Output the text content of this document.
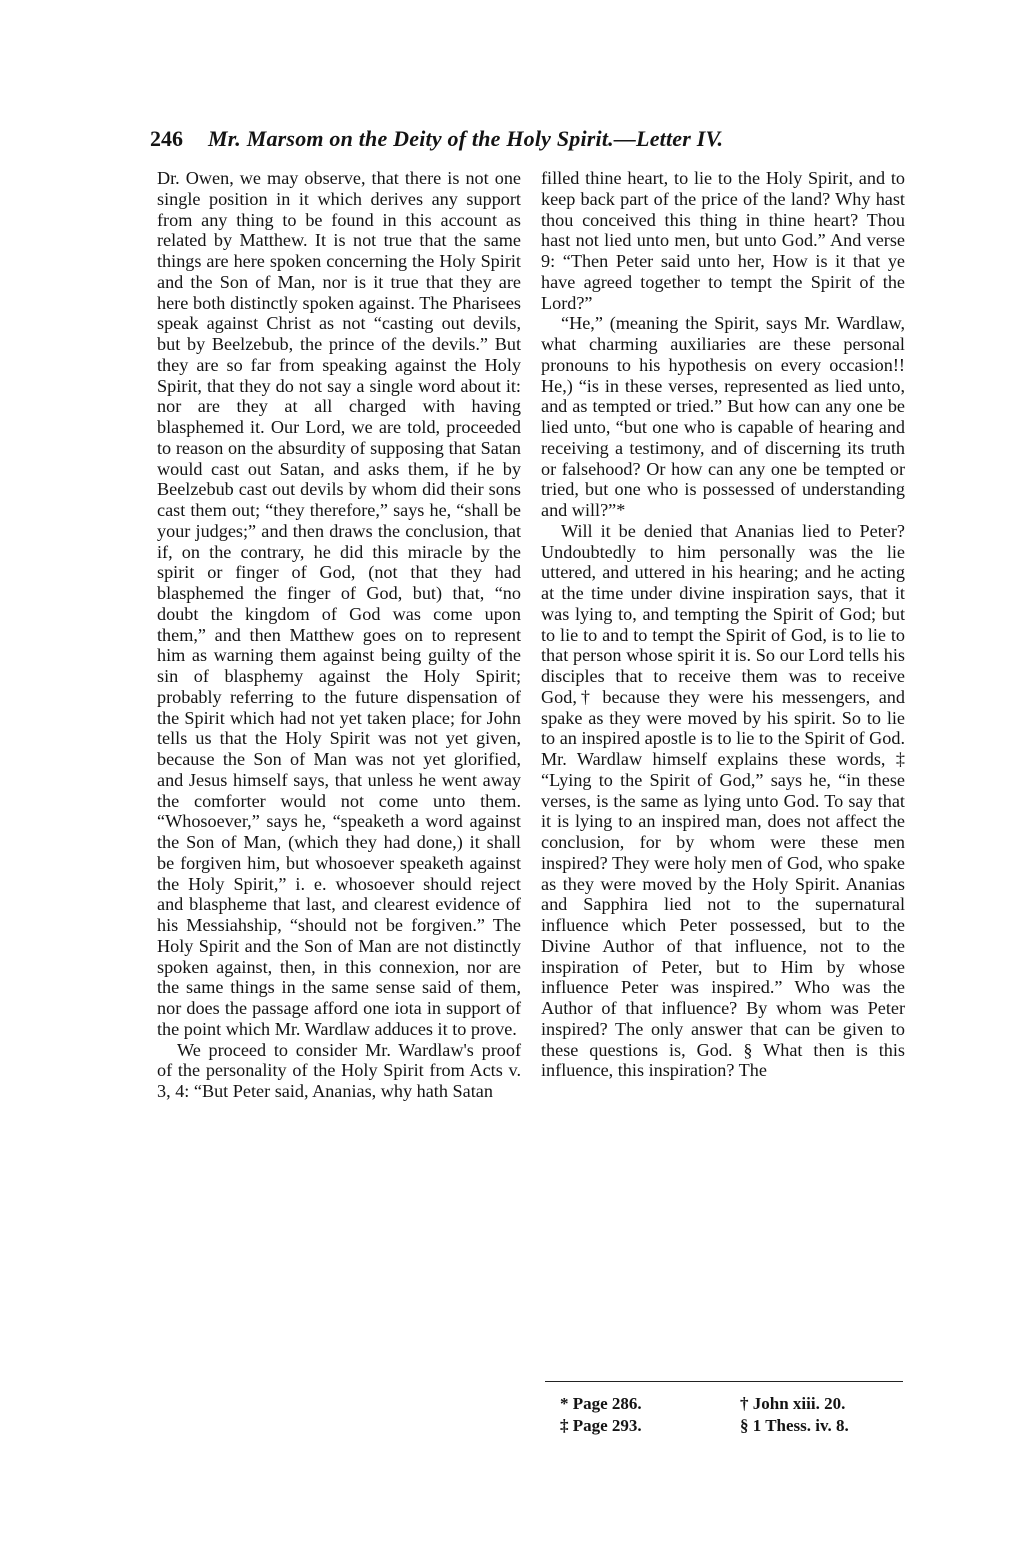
246 Mr. Marsom on the Deity of the Holy Spirit.—Letter IV.

Dr. Owen, we may observe, that there is not one single position in it which derives any support from any thing to be found in this account as related by Matthew. It is not true that the same things are here spoken concerning the Holy Spirit and the Son of Man, nor is it true that they are here both distinctly spoken against. The Pharisees speak against Christ as not “casting out devils, but by Beelzebub, the prince of the devils.” But they are so far from speaking against the Holy Spirit, that they do not say a single word about it: nor are they at all charged with having blasphemed it. Our Lord, we are told, proceeded to reason on the absurdity of supposing that Satan would cast out Satan, and asks them, if he by Beelzebub cast out devils by whom did their sons cast them out; “they therefore,” says he, “shall be your judges;” and then draws the conclusion, that if, on the contrary, he did this miracle by the spirit or finger of God, (not that they had blasphemed the finger of God, but) that, “no doubt the kingdom of God was come upon them,” and then Matthew goes on to represent him as warning them against being guilty of the sin of blasphemy against the Holy Spirit; probably referring to the future dispensation of the Spirit which had not yet taken place; for John tells us that the Holy Spirit was not yet given, because the Son of Man was not yet glorified, and Jesus himself says, that unless he went away the comforter would not come unto them. “Whosoever,” says he, “speaketh a word against the Son of Man, (which they had done,) it shall be forgiven him, but whosoever speaketh against the Holy Spirit,” i. e. whosoever should reject and blaspheme that last, and clearest evidence of his Messiahship, “should not be forgiven.” The Holy Spirit and the Son of Man are not distinctly spoken against, then, in this connexion, nor are the same things in the same sense said of them, nor does the passage afford one iota in support of the point which Mr. Wardlaw adduces it to prove.

We proceed to consider Mr. Wardlaw's proof of the personality of the Holy Spirit from Acts v. 3, 4: “But Peter said, Ananias, why hath Satan

filled thine heart, to lie to the Holy Spirit, and to keep back part of the price of the land? Why hast thou conceived this thing in thine heart? Thou hast not lied unto men, but unto God.” And verse 9: “Then Peter said unto her, How is it that ye have agreed together to tempt the Spirit of the Lord?”

“He,” (meaning the Spirit, says Mr. Wardlaw, what charming auxiliaries are these personal pronouns to his hypothesis on every occasion!! He,) “is in these verses, represented as lied unto, and as tempted or tried.” But how can any one be lied unto, “but one who is capable of hearing and receiving a testimony, and of discerning its truth or falsehood? Or how can any one be tempted or tried, but one who is possessed of understanding and will?”*

Will it be denied that Ananias lied to Peter? Undoubtedly to him personally was the lie uttered, and uttered in his hearing; and he acting at the time under divine inspiration says, that it was lying to, and tempting the Spirit of God; but to lie to and to tempt the Spirit of God, is to lie to that person whose spirit it is. So our Lord tells his disciples that to receive them was to receive God,† because they were his messengers, and spake as they were moved by his spirit. So to lie to an inspired apostle is to lie to the Spirit of God. Mr. Wardlaw himself explains these words, ‡ “Lying to the Spirit of God,” says he, “in these verses, is the same as lying unto God. To say that it is lying to an inspired man, does not affect the conclusion, for by whom were these men inspired? They were holy men of God, who spake as they were moved by the Holy Spirit. Ananias and Sapphira lied not to the supernatural influence which Peter possessed, but to the Divine Author of that influence, not to the inspiration of Peter, but to Him by whose influence Peter was inspired.” Who was the Author of that influence? By whom was Peter inspired? The only answer that can be given to these questions is, God. § What then is this influence, this inspiration? The

* Page 286.	† John xiii. 20.
‡ Page 293.	§ 1 Thess. iv. 8.
